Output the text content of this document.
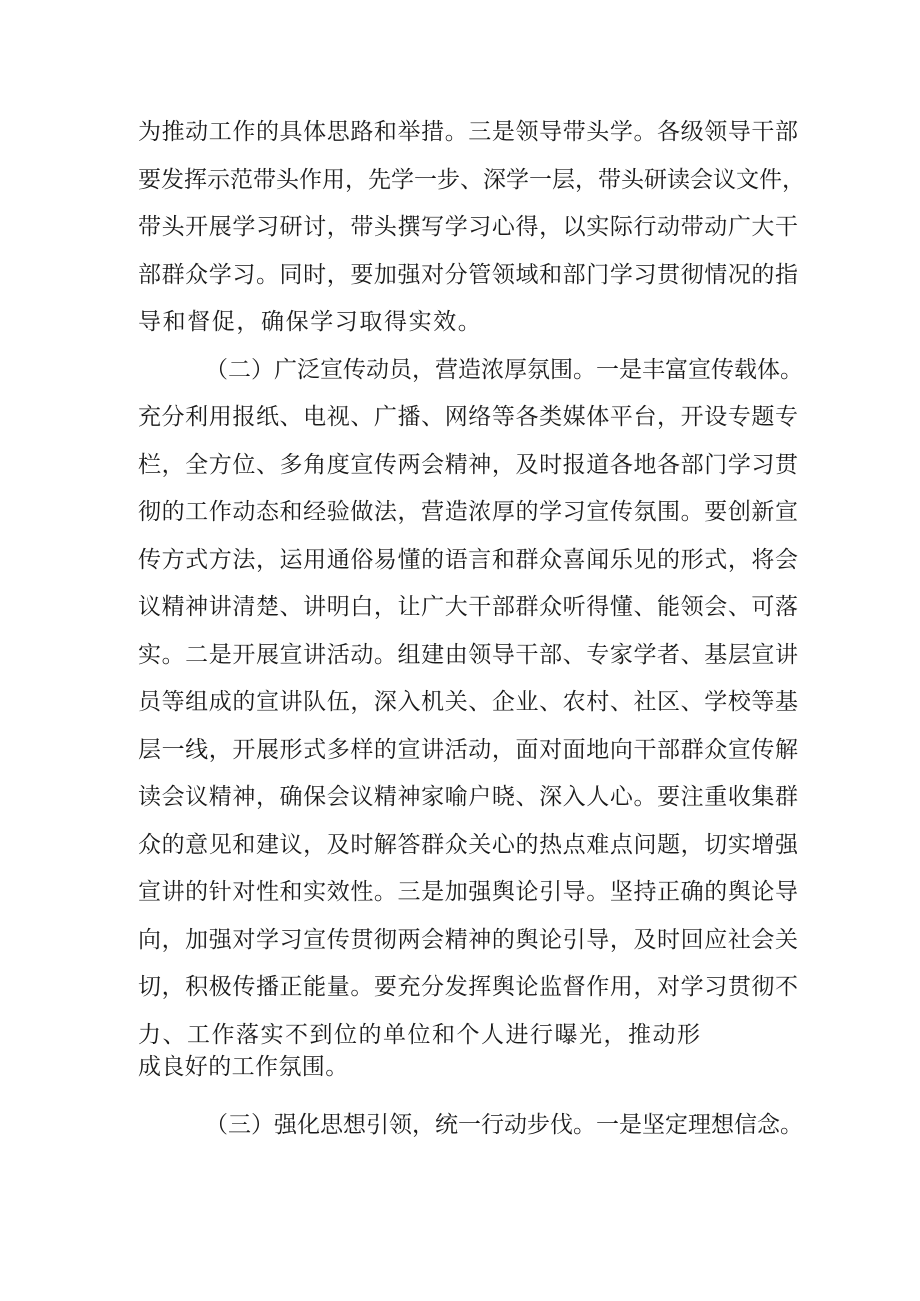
为推动工作的具体思路和举措。三是领导带头学。各级领导干部
要发挥示范带头作用，先学一步、深学一层，带头研读会议文件，
带头开展学习研讨，带头撰写学习心得，以实际行动带动广大干
部群众学习。同时，要加强对分管领域和部门学习贯彻情况的指
导和督促，确保学习取得实效。
（二）广泛宣传动员，营造浓厚氛围。一是丰富宣传载体。
充分利用报纸、电视、广播、网络等各类媒体平台，开设专题专
栏，全方位、多角度宣传两会精神，及时报道各地各部门学习贯
彻的工作动态和经验做法，营造浓厚的学习宣传氛围。要创新宣
传方式方法，运用通俗易懂的语言和群众喜闻乐见的形式，将会
议精神讲清楚、讲明白，让广大干部群众听得懂、能领会、可落
实。二是开展宣讲活动。组建由领导干部、专家学者、基层宣讲
员等组成的宣讲队伍，深入机关、企业、农村、社区、学校等基
层一线，开展形式多样的宣讲活动，面对面地向干部群众宣传解
读会议精神，确保会议精神家喻户晓、深入人心。要注重收集群
众的意见和建议，及时解答群众关心的热点难点问题，切实增强
宣讲的针对性和实效性。三是加强舆论引导。坚持正确的舆论导
向，加强对学习宣传贯彻两会精神的舆论引导，及时回应社会关
切，积极传播正能量。要充分发挥舆论监督作用，对学习贯彻不
力、工作落实不到位的单位和个人进行曝光，推动形
成良好的工作氛围。
（三）强化思想引领，统一行动步伐。一是坚定理想信念。
